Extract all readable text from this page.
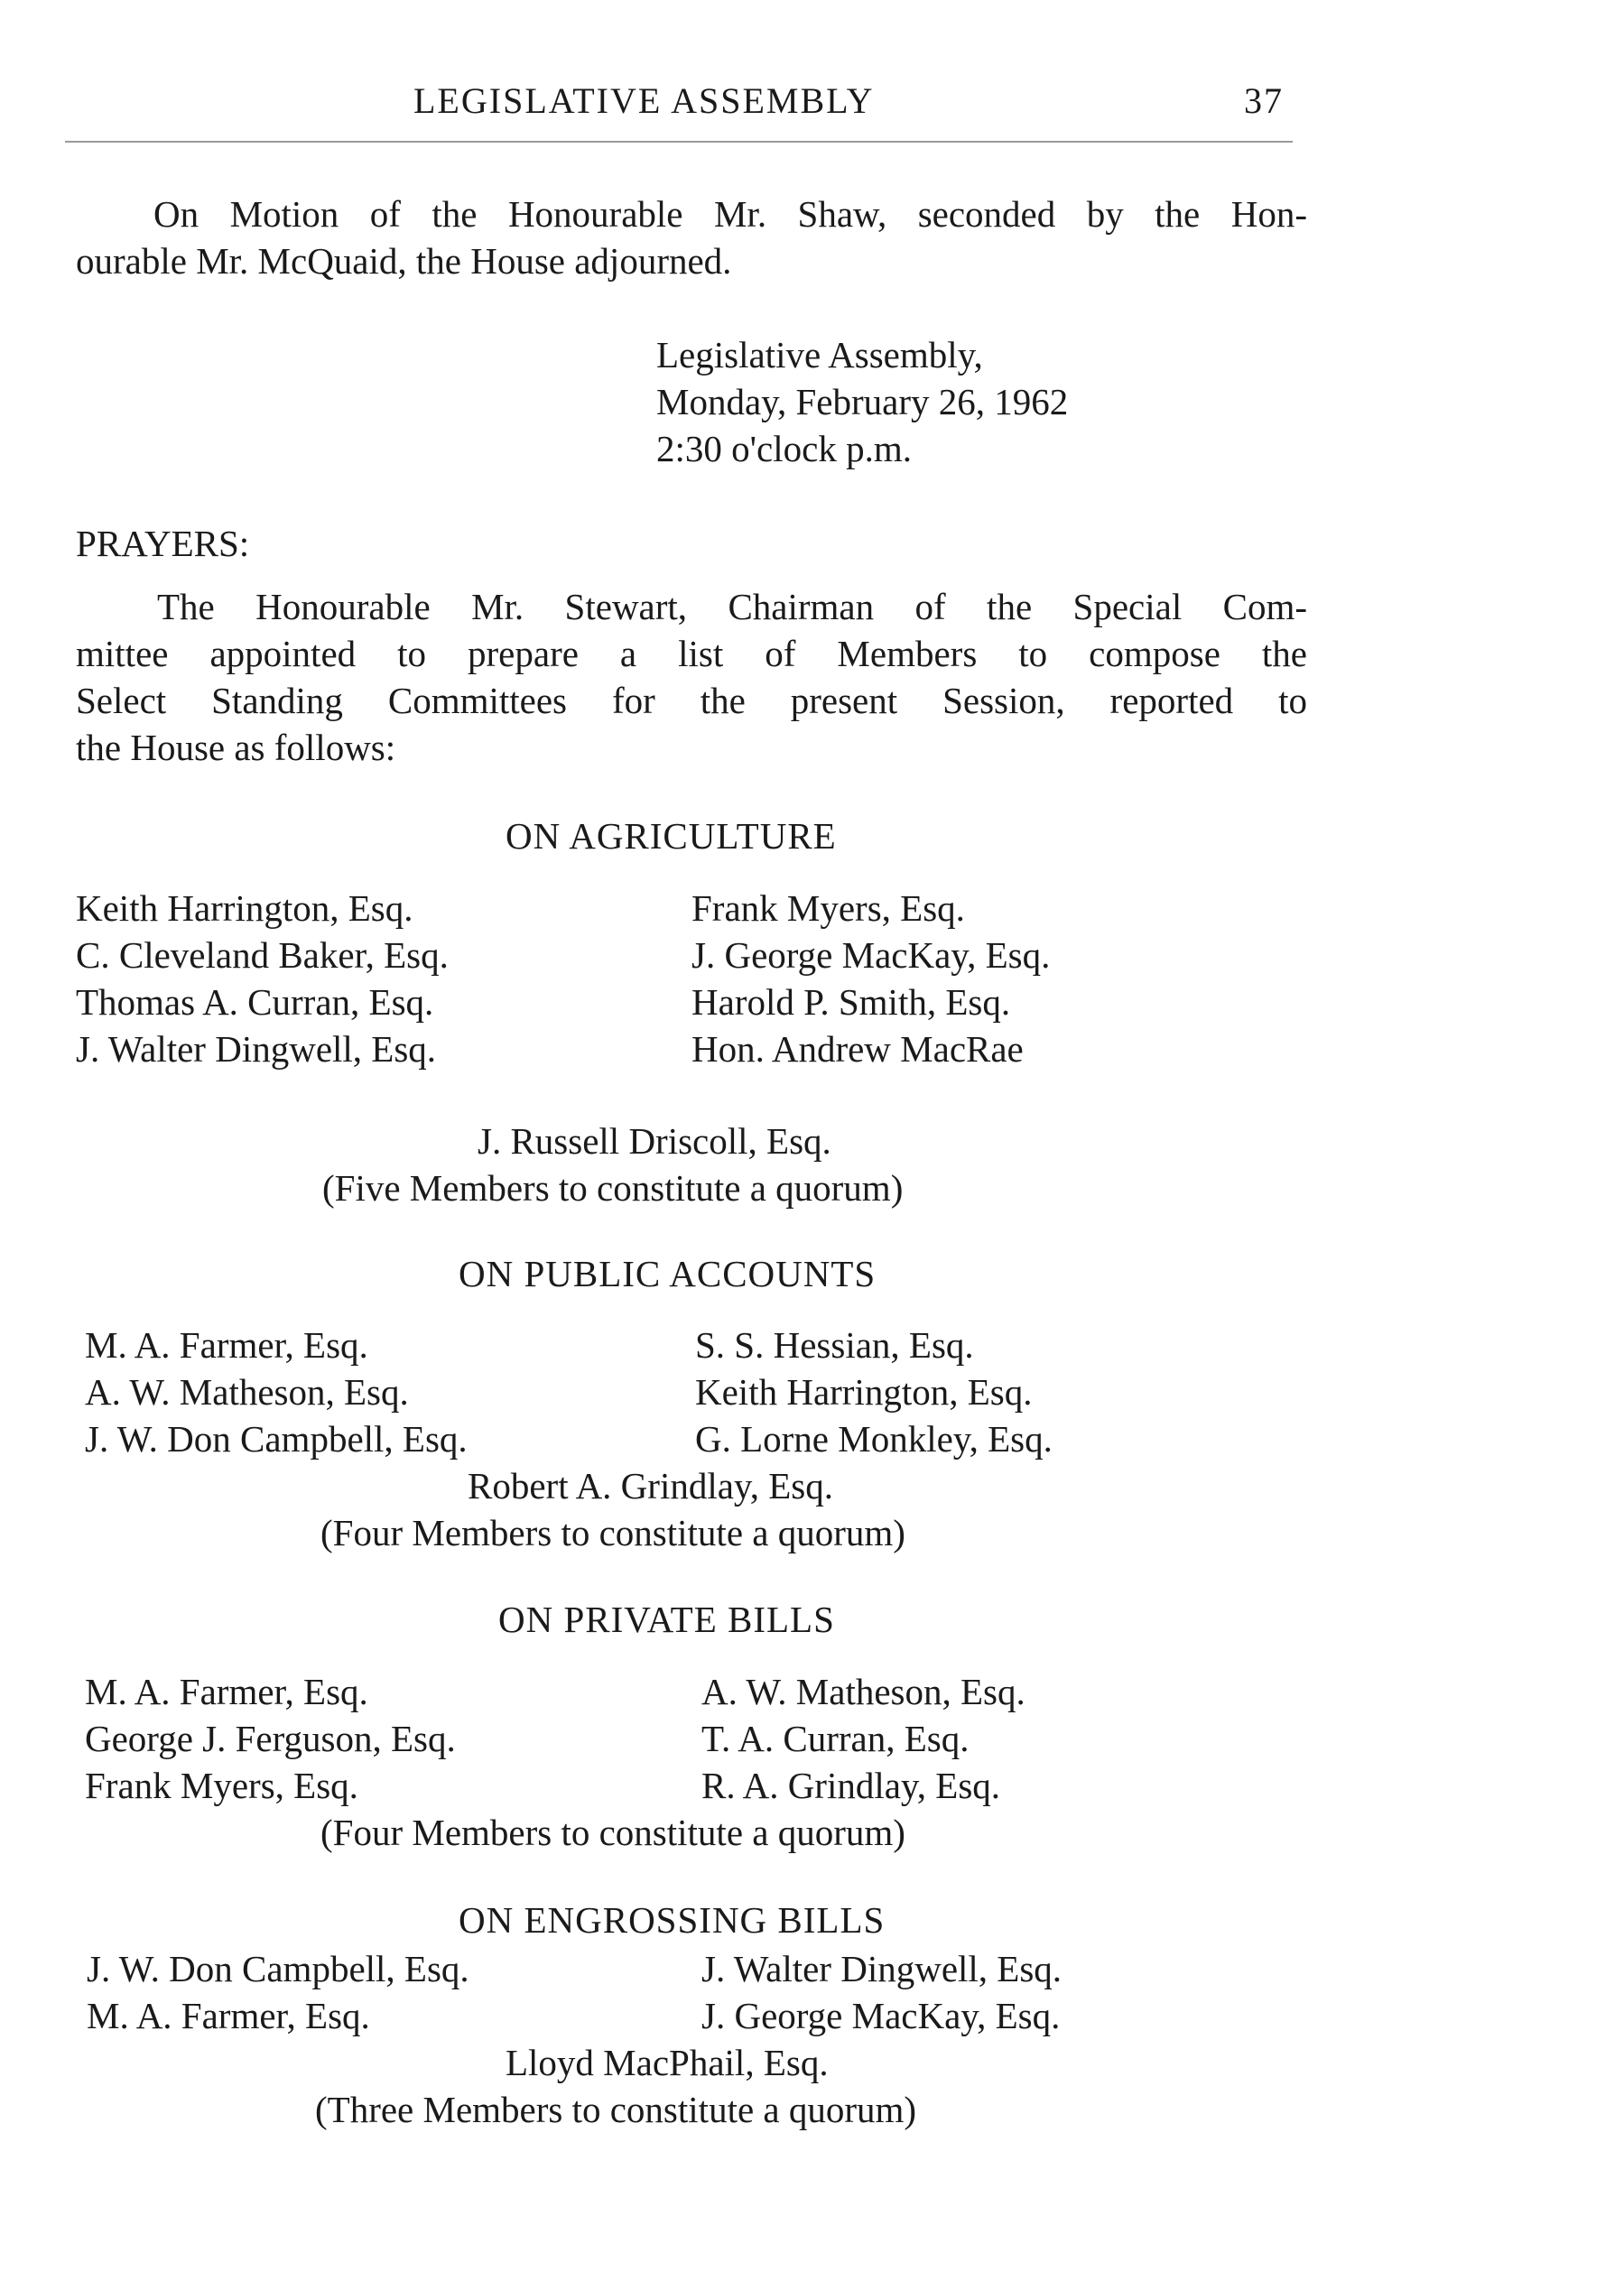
LEGISLATIVE ASSEMBLY	37
On Motion of the Honourable Mr. Shaw, seconded by the Hon-
ourable Mr. McQuaid, the House adjourned.
Legislative Assembly,
Monday, February 26, 1962
2:30 o'clock p.m.
PRAYERS:
The Honourable Mr. Stewart, Chairman of the Special Com-
mittee appointed to prepare a list of Members to compose the
Select Standing Committees for the present Session, reported to
the House as follows:
ON AGRICULTURE
Keith Harrington, Esq.
C. Cleveland Baker, Esq.
Thomas A. Curran, Esq.
J. Walter Dingwell, Esq.
Frank Myers, Esq.
J. George MacKay, Esq.
Harold P. Smith, Esq.
Hon. Andrew MacRae
J. Russell Driscoll, Esq.
(Five Members to constitute a quorum)
ON PUBLIC ACCOUNTS
M. A. Farmer, Esq.
A. W. Matheson, Esq.
J. W. Don Campbell, Esq.
S. S. Hessian, Esq.
Keith Harrington, Esq.
G. Lorne Monkley, Esq.
Robert A. Grindlay, Esq.
(Four Members to constitute a quorum)
ON PRIVATE BILLS
M. A. Farmer, Esq.
George J. Ferguson, Esq.
Frank Myers, Esq.
A. W. Matheson, Esq.
T. A. Curran, Esq.
R. A. Grindlay, Esq.
(Four Members to constitute a quorum)
ON ENGROSSING BILLS
J. W. Don Campbell, Esq.
M. A. Farmer, Esq.
J. Walter Dingwell, Esq.
J. George MacKay, Esq.
Lloyd MacPhail, Esq.
(Three Members to constitute a quorum)
